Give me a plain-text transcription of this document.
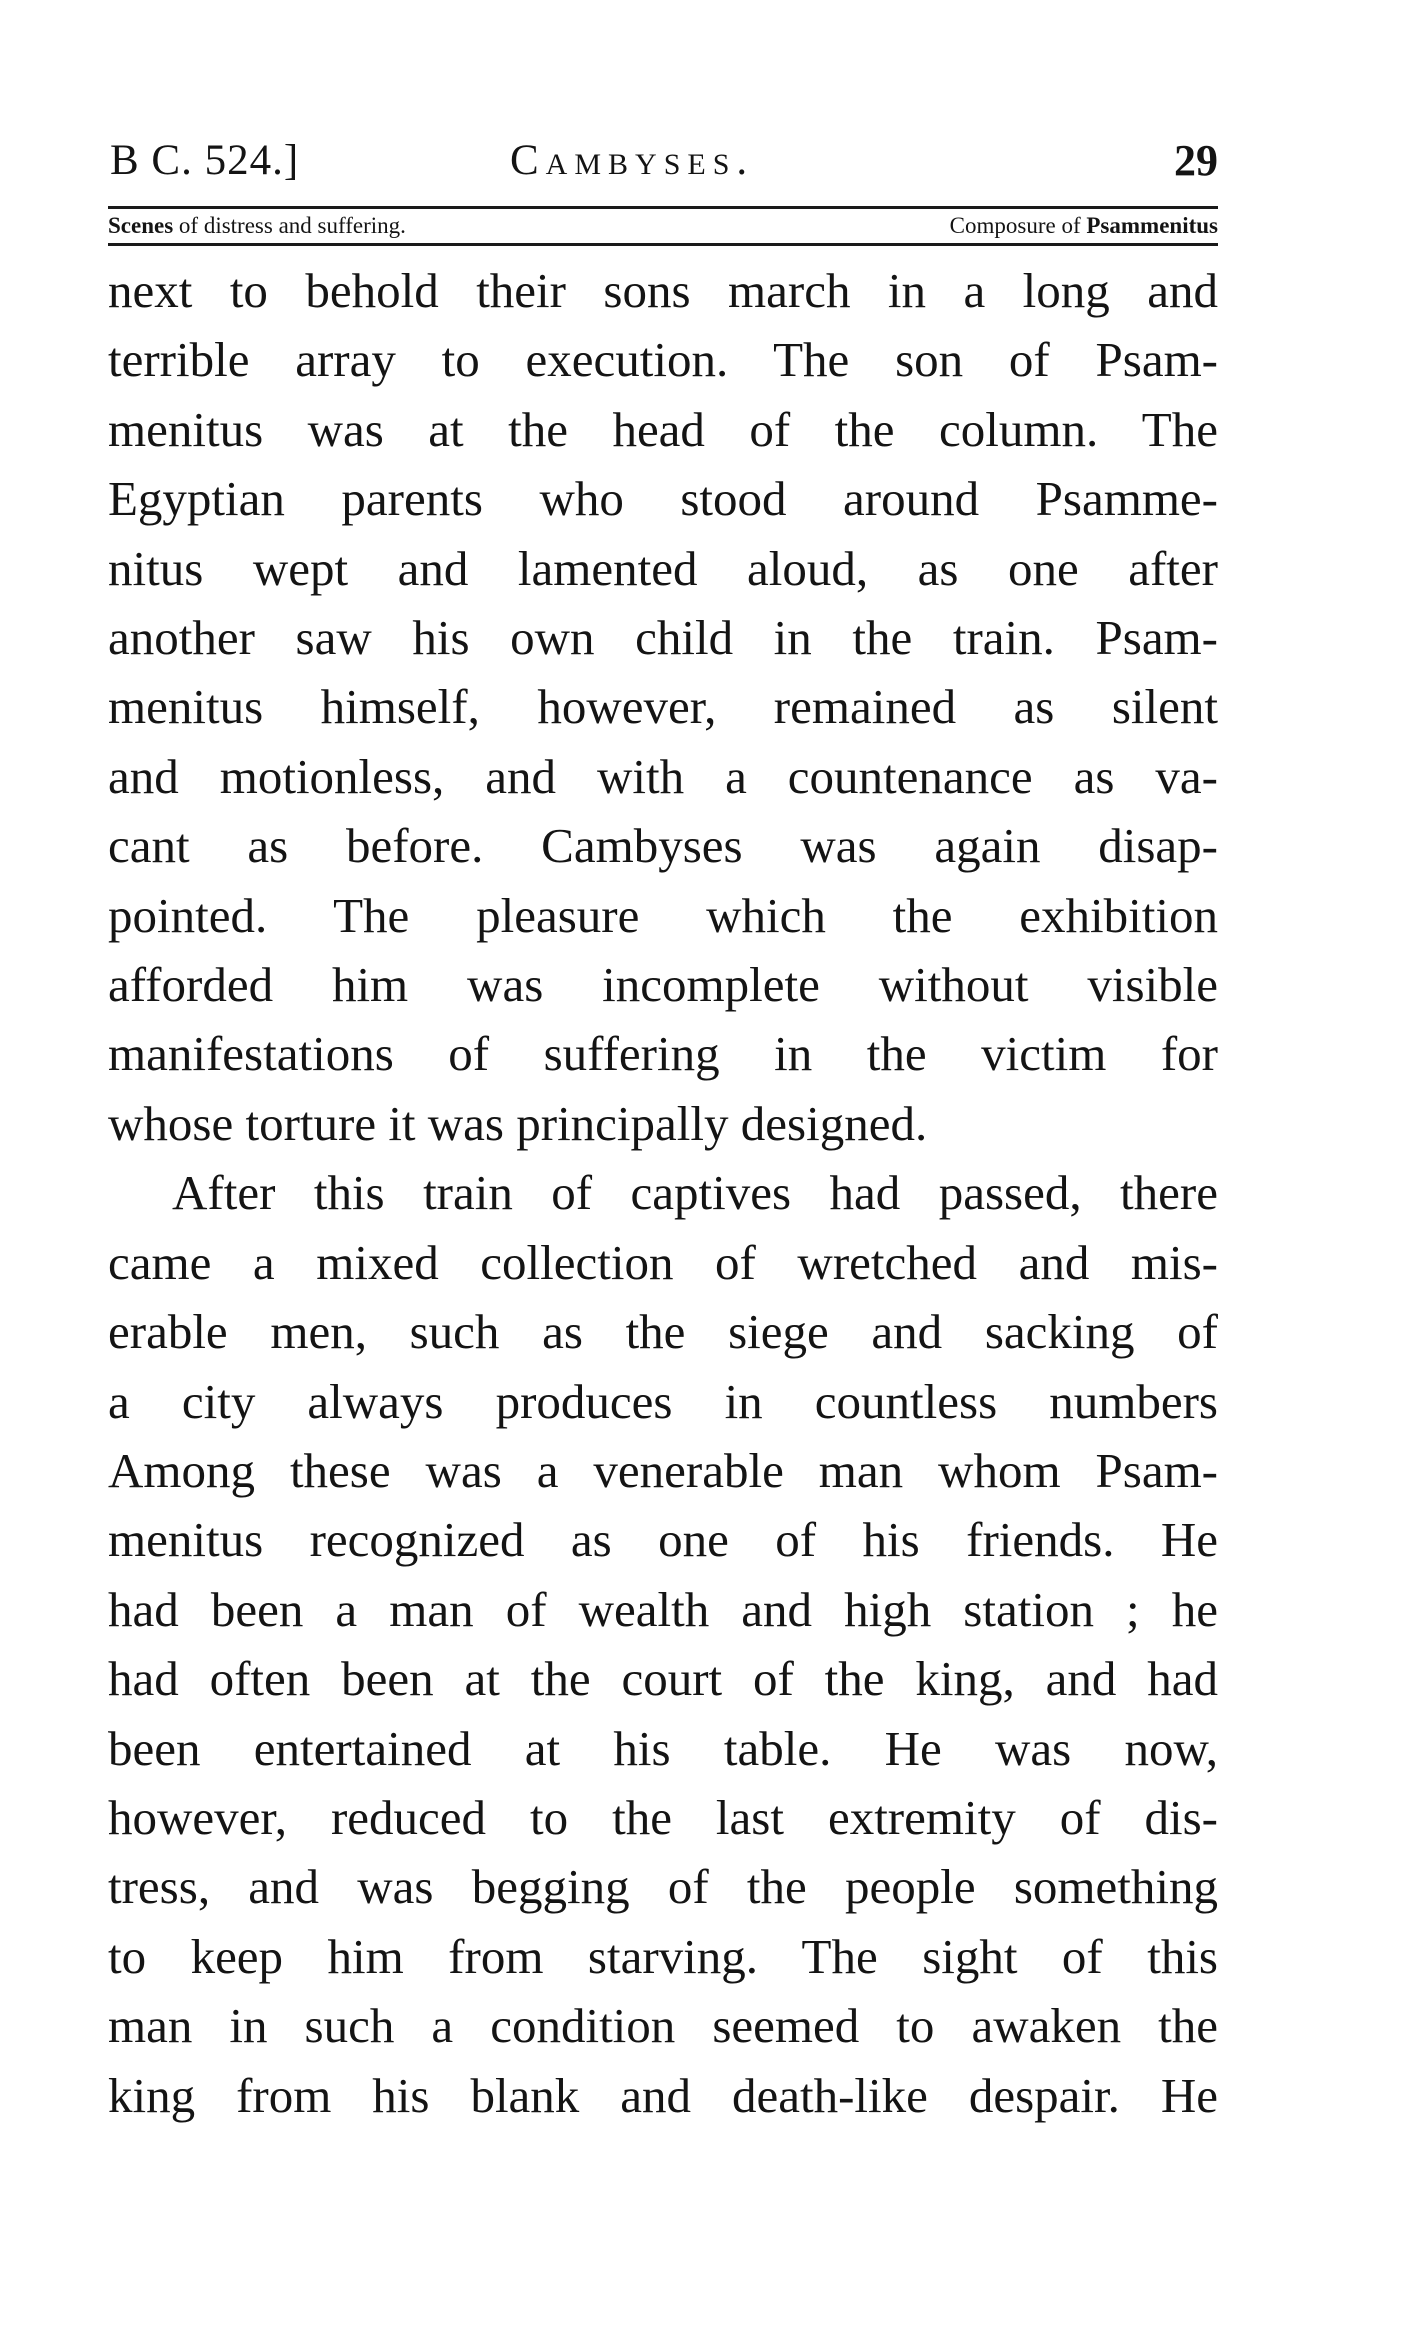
B C. 524.]	Cambyses.	29
Scenes of distress and suffering.	Composure of Psammenitus
next to behold their sons march in a long and
terrible array to execution. The son of Psam-
menitus was at the head of the column. The
Egyptian parents who stood around Psamme-
nitus wept and lamented aloud, as one after
another saw his own child in the train. Psam-
menitus himself, however, remained as silent
and motionless, and with a countenance as va-
cant as before. Cambyses was again disap-
pointed. The pleasure which the exhibition
afforded him was incomplete without visible
manifestations of suffering in the victim for
whose torture it was principally designed.
After this train of captives had passed, there
came a mixed collection of wretched and mis-
erable men, such as the siege and sacking of
a city always produces in countless numbers
Among these was a venerable man whom Psam-
menitus recognized as one of his friends. He
had been a man of wealth and high station ; he
had often been at the court of the king, and had
been entertained at his table. He was now,
however, reduced to the last extremity of dis-
tress, and was begging of the people something
to keep him from starving. The sight of this
man in such a condition seemed to awaken the
king from his blank and death-like despair. He
